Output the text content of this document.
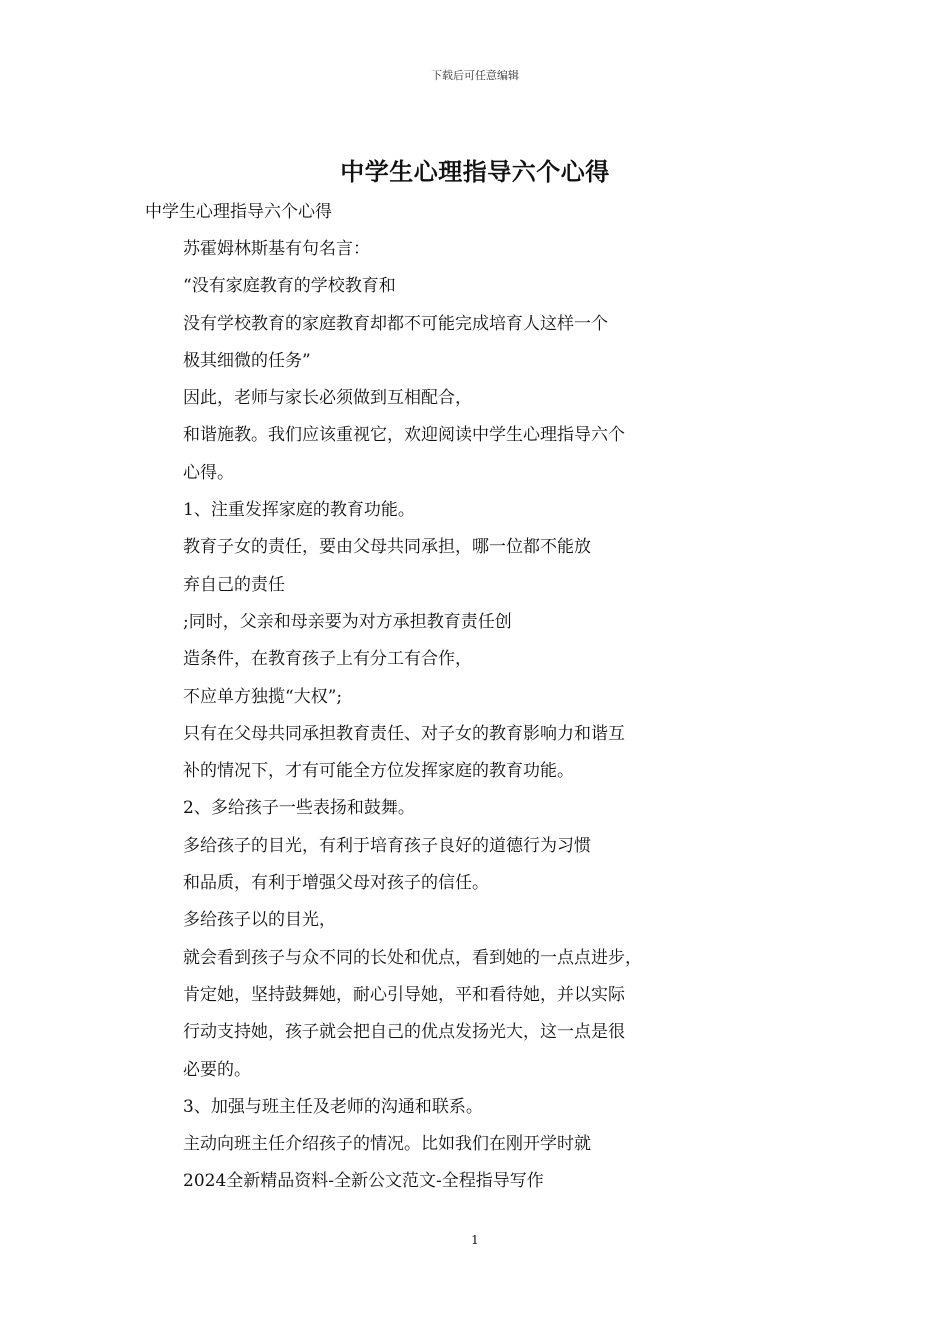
下载后可任意编辑
中学生心理指导六个心得
中学生心理指导六个心得
苏霍姆林斯基有句名言：
“没有家庭教育的学校教育和
没有学校教育的家庭教育却都不可能完成培育人这样一个
极其细微的任务”
因此，老师与家长必须做到互相配合，
和谐施教。我们应该重视它，欢迎阅读中学生心理指导六个
心得。
1、注重发挥家庭的教育功能。
教育子女的责任，要由父母共同承担，哪一位都不能放
弃自己的责任
;同时，父亲和母亲要为对方承担教育责任创
造条件，在教育孩子上有分工有合作，
不应单方独揽“大权”;
只有在父母共同承担教育责任、对子女的教育影响力和谐互
补的情况下，才有可能全方位发挥家庭的教育功能。
2、多给孩子一些表扬和鼓舞。
多给孩子的目光，有利于培育孩子良好的道德行为习惯
和品质，有利于增强父母对孩子的信任。
多给孩子以的目光，
就会看到孩子与众不同的长处和优点，看到她的一点点进步，
肯定她，坚持鼓舞她，耐心引导她，平和看待她，并以实际
行动支持她，孩子就会把自己的优点发扬光大，这一点是很
必要的。
3、加强与班主任及老师的沟通和联系。
主动向班主任介绍孩子的情况。比如我们在刚开学时就
2024全新精品资料-全新公文范文-全程指导写作
1
